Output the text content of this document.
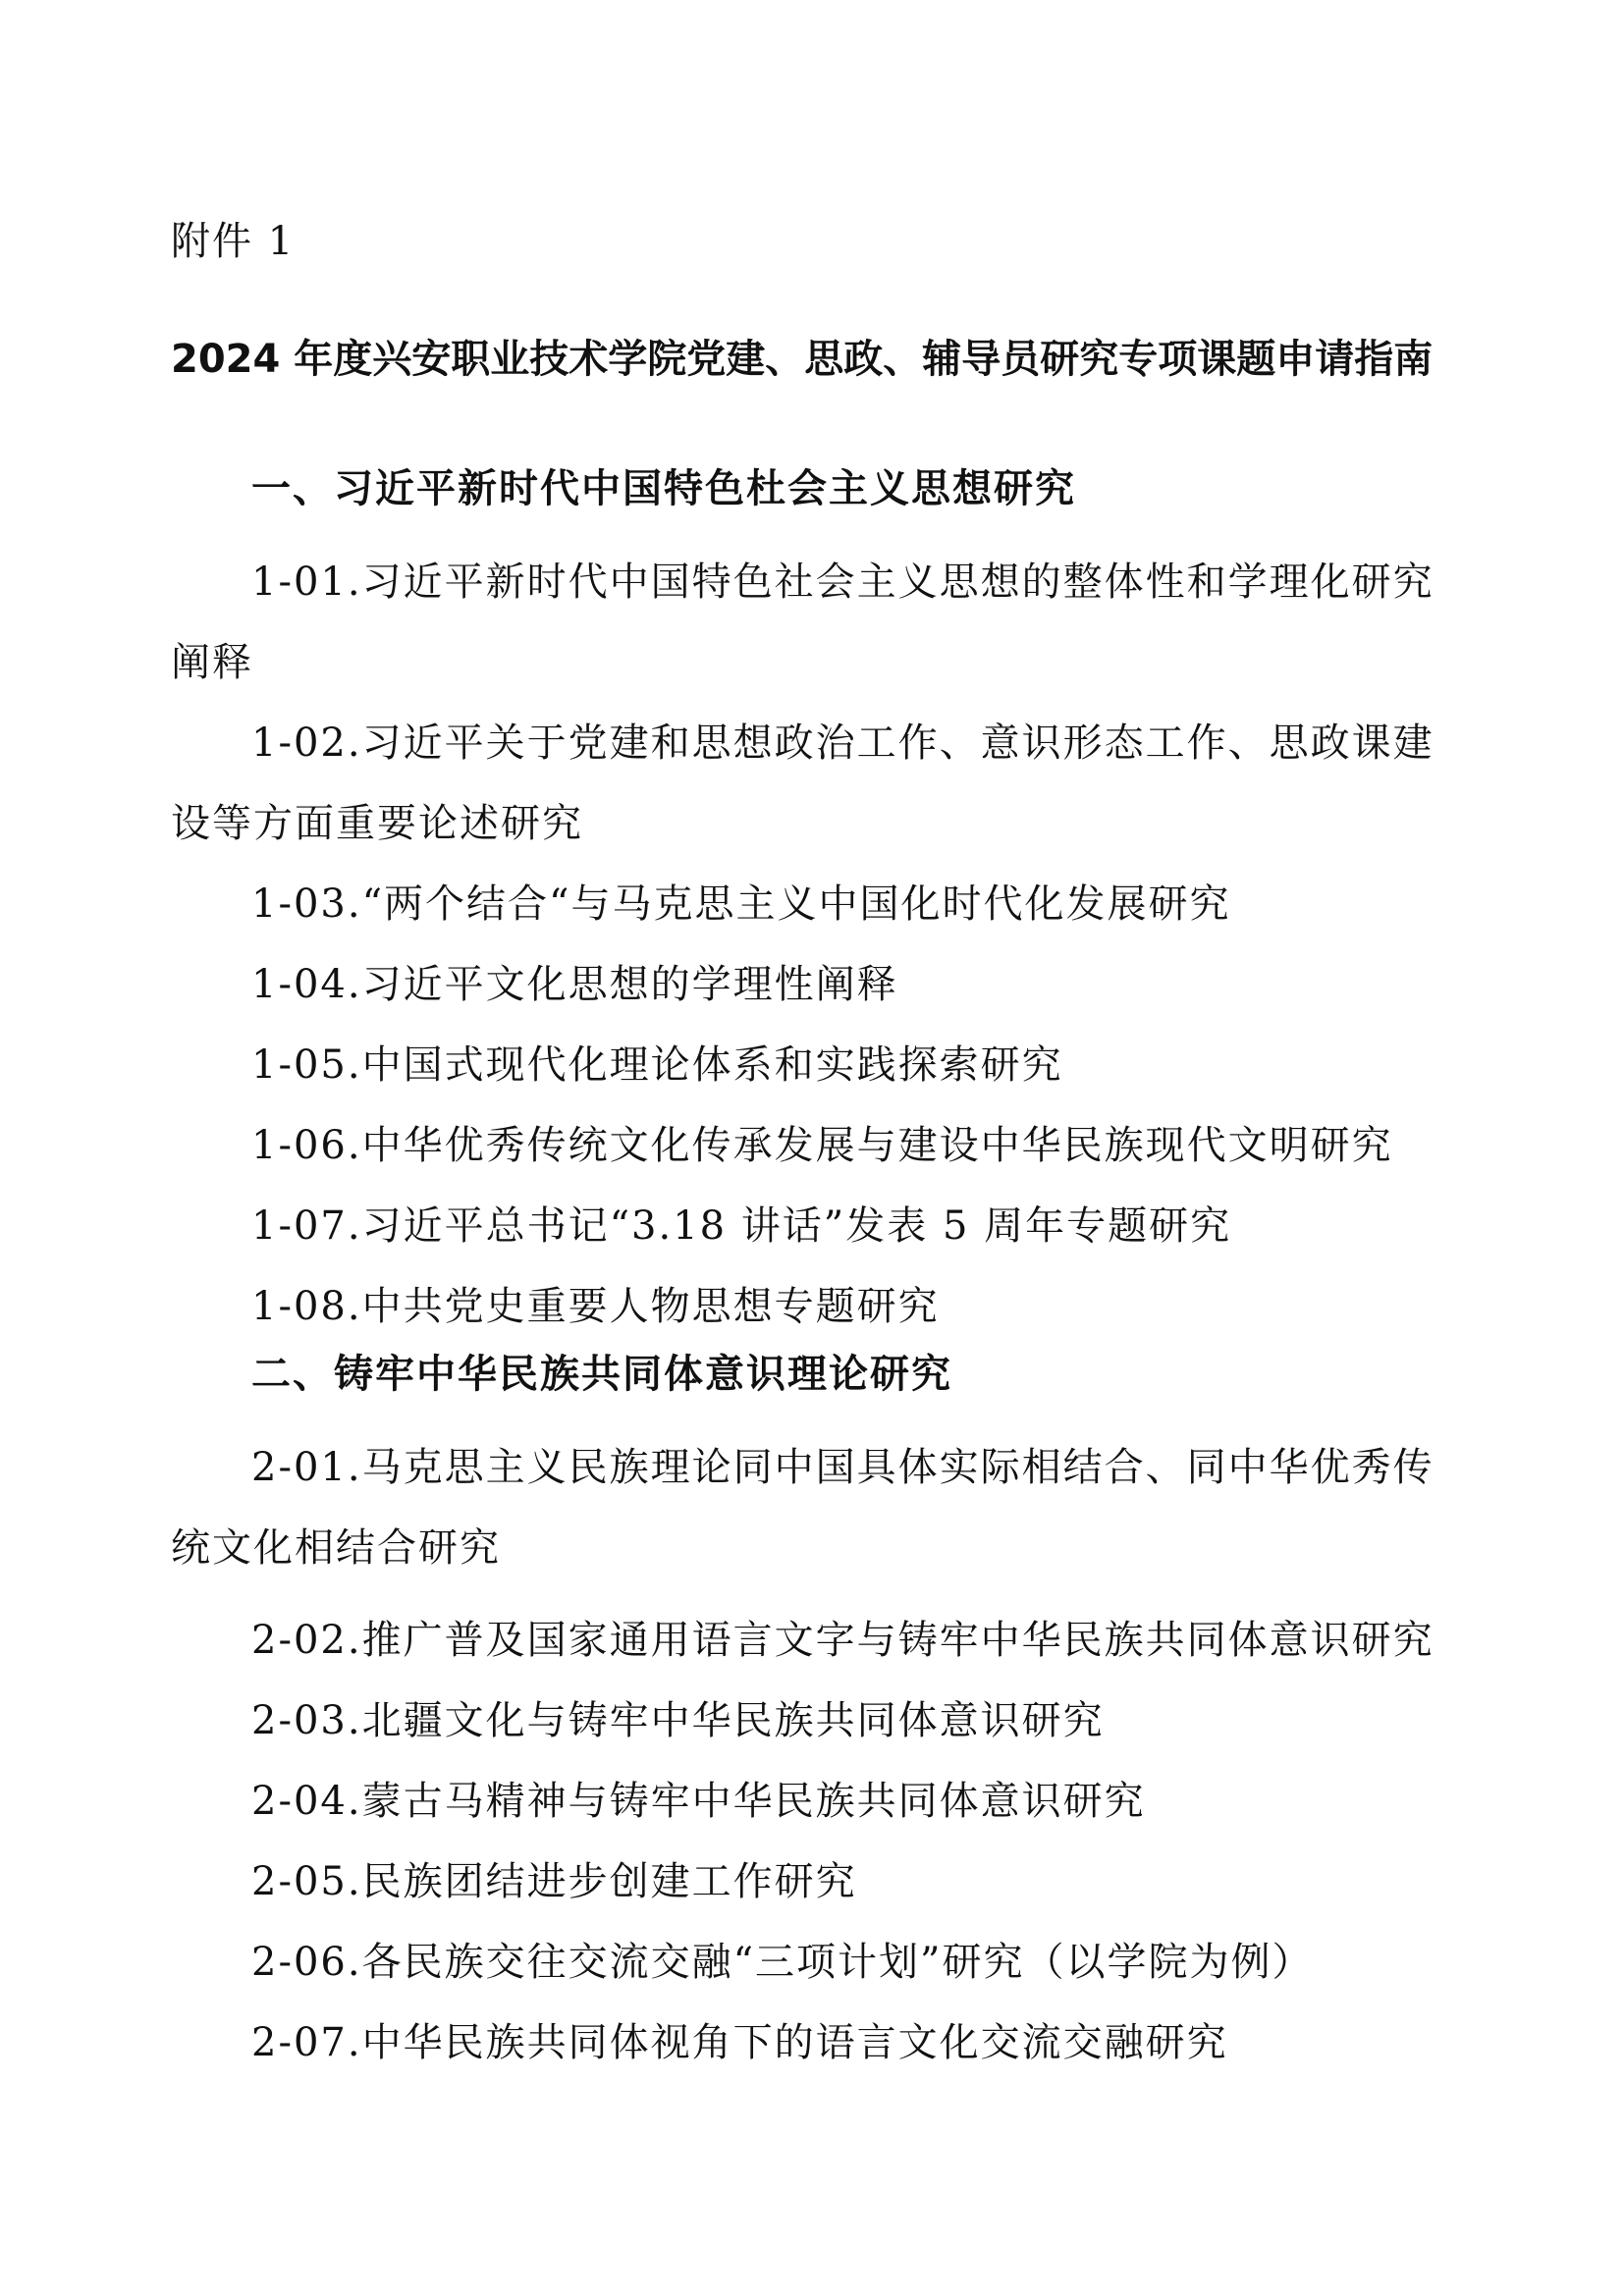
附件 1
2024 年度兴安职业技术学院党建、思政、辅导员研究专项课题申请指南
一、习近平新时代中国特色杜会主义思想研究
1-01.习近平新时代中国特色社会主义思想的整体性和学理化研究阐释
1-02.习近平关于党建和思想政治工作、意识形态工作、思政课建设等方面重要论述研究
1-03.“两个结合“与马克思主义中国化时代化发展研究
1-04.习近平文化思想的学理性阐释
1-05.中国式现代化理论体系和实践探索研究
1-06.中华优秀传统文化传承发展与建设中华民族现代文明研究
1-07.习近平总书记“3.18 讲话”发表 5 周年专题研究
1-08.中共党史重要人物思想专题研究
二、铸牢中华民族共同体意识理论研究
2-01.马克思主义民族理论同中国具体实际相结合、同中华优秀传统文化相结合研究
2-02.推广普及国家通用语言文字与铸牢中华民族共同体意识研究
2-03.北疆文化与铸牢中华民族共同体意识研究
2-04.蒙古马精神与铸牢中华民族共同体意识研究
2-05.民族团结进步创建工作研究
2-06.各民族交往交流交融“三项计划”研究（以学院为例）
2-07.中华民族共同体视角下的语言文化交流交融研究
